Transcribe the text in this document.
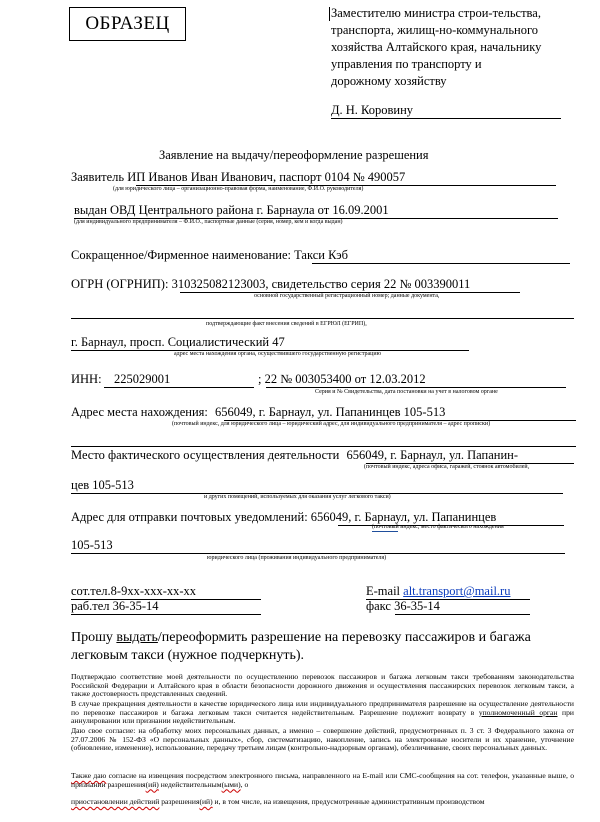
ОБРАЗЕЦ	Заместителю министра строи-тельства,
транспорта, жилищ-но-коммунального
хозяйства Алтайского края, начальнику
управления по транспорту и
дорожному хозяйству
Д. Н. Коровину
Заявление на выдачу/переоформление разрешения
Заявитель ИП Иванов Иван Иванович, паспорт 0104 № 490057
(для юридического лица – организационно-правовая форма, наименование, Ф.И.О. руководителя)
выдан ОВД Центрального района г. Барнаула от 16.09.2001
(для индивидуального предпринимателя – Ф.И.О., паспортные данные (серия, номер, кем и когда выдан)
Сокращенное/Фирменное наименование: Такси Кэб
ОГРН (ОГРНИП): 310325082123003, свидетельство серия 22 № 003390011
основной государственный регистрационный номер; данные документа,
подтверждающие факт внесения сведений в ЕГРЮЛ (ЕГРИП),
г. Барнаул, просп. Социалистический 47
адрес места нахождения органа, осуществившего государственную регистрацию
ИНН: 225029001	; 22 № 003053400 от 12.03.2012
Серия и № Свидетельства, дата постановки на учет в налоговом органе
Адрес места нахождения: 656049, г. Барнаул, ул. Папанинцев 105-513
(почтовый индекс, для юридического лица – юридический адрес, для индивидуального предпринимателя – адрес прописки)
Место фактического осуществления деятельности 656049, г. Барнаул, ул. Папанин-
(почтовый индекс, адреса офиса, гаражей, стоянок автомобилей,
цев 105-513
и других помещений, используемых для оказания услуг легкового такси)
Адрес для отправки почтовых уведомлений: 656049, г. Барнаул, ул. Папанинцев
(почтовый индекс, место фактического нахождения
105-513
юридического лица (проживания индивидуального предпринимателя)
сот.тел.8-9хх-ххх-хх-хх	E-mail alt.transport@mail.ru
раб.тел 36-35-14	факс 36-35-14
Прошу выдать/переоформить разрешение на перевозку пассажиров и багажа
легковым такси (нужное подчеркнуть).
Подтверждаю соответствие моей деятельности по осуществлению перевозок пассажиров и багажа легковым такси требованиям законодательства Российской Федерации и Алтайского края в области безопасности дорожного движения и осуществления пассажирских перевозок легковым такси, а также достоверность представленных сведений.
В случае прекращения деятельности в качестве юридического лица или индивидуального предпринимателя разрешение на осуществление деятельности по перевозке пассажиров и багажа легковым такси считается недействительным. Разрешение подлежит возврату в уполномоченный орган при аннулировании или признании недействительным.
Даю свое согласие: на обработку моих персональных данных, а именно – совершение действий, предусмотренных п. 3 ст. 3 Федерального закона от 27.07.2006 № 152-ФЗ «О персональных данных», сбор, систематизацию, накопление, запись на электронные носители и их хранение, уточнение (обновление, изменение), использование, передачу третьим лицам (контрольно-надзорным органам), обезличивание, своих персональных данных.
Также даю согласие на извещения посредством электронного письма, направленного на E-mail или СМС-сообщения на сот. телефон, указанные выше, о признании разрешения(ий) недействительным(ыми), о
приостановлении действий разрешения(ий) и, в том числе, на извещения, предусмотренные административным производством
